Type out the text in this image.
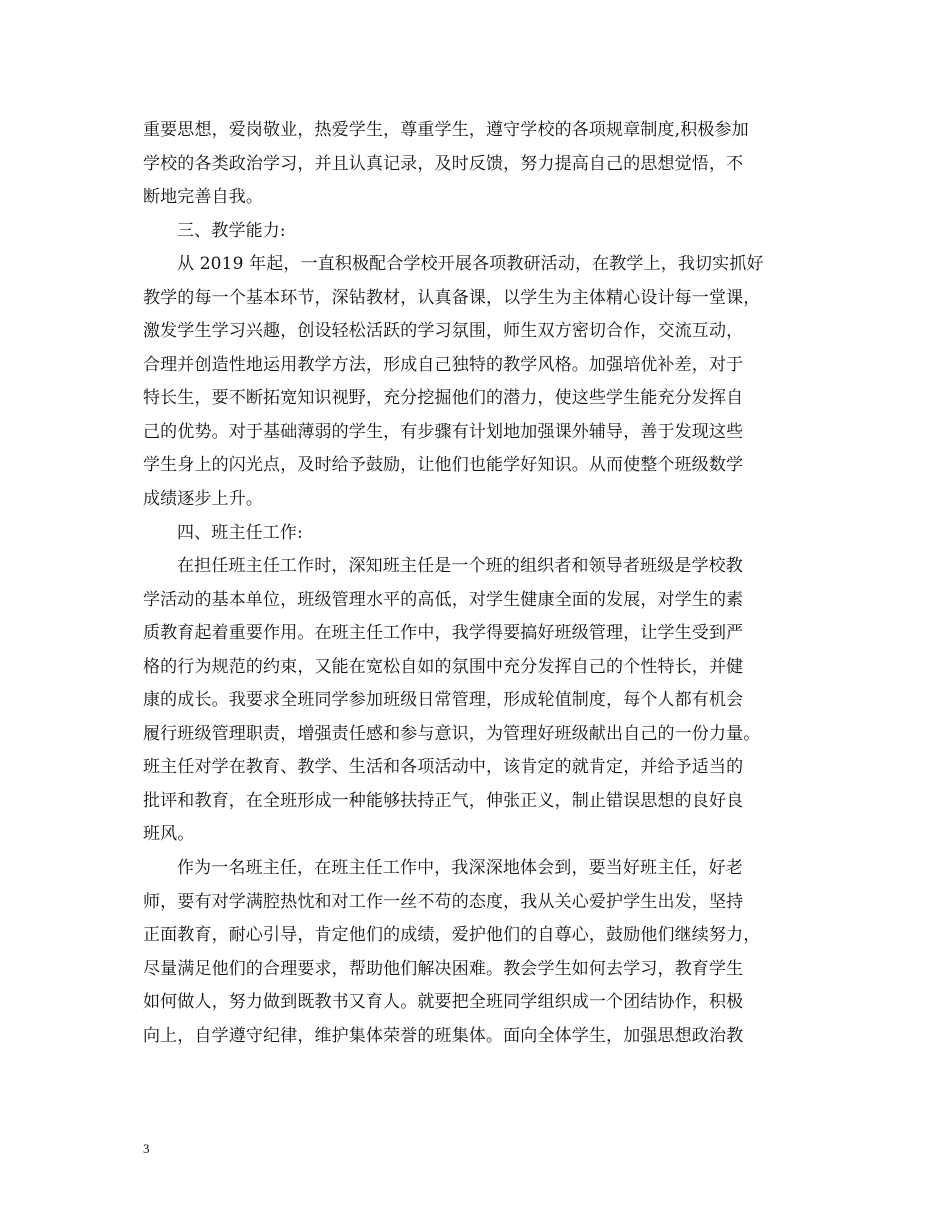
重要思想，爱岗敬业，热爱学生，尊重学生，遵守学校的各项规章制度,积极参加
学校的各类政治学习，并且认真记录，及时反馈，努力提高自己的思想觉悟，不
断地完善自我。
三、教学能力:
从 2019 年起，一直积极配合学校开展各项教研活动，在教学上，我切实抓好
教学的每一个基本环节，深钻教材，认真备课，以学生为主体精心设计每一堂课，
激发学生学习兴趣，创设轻松活跃的学习氛围，师生双方密切合作，交流互动，
合理并创造性地运用教学方法，形成自己独特的教学风格。加强培优补差，对于
特长生，要不断拓宽知识视野，充分挖掘他们的潜力，使这些学生能充分发挥自
己的优势。对于基础薄弱的学生，有步骤有计划地加强课外辅导，善于发现这些
学生身上的闪光点，及时给予鼓励，让他们也能学好知识。从而使整个班级数学
成绩逐步上升。
四、班主任工作:
在担任班主任工作时，深知班主任是一个班的组织者和领导者班级是学校教
学活动的基本单位，班级管理水平的高低，对学生健康全面的发展，对学生的素
质教育起着重要作用。在班主任工作中，我学得要搞好班级管理，让学生受到严
格的行为规范的约束，又能在宽松自如的氛围中充分发挥自己的个性特长，并健
康的成长。我要求全班同学参加班级日常管理，形成轮值制度，每个人都有机会
履行班级管理职责，增强责任感和参与意识，为管理好班级献出自己的一份力量。
班主任对学在教育、教学、生活和各项活动中，该肯定的就肯定，并给予适当的
批评和教育，在全班形成一种能够扶持正气，伸张正义，制止错误思想的良好良
班风。
作为一名班主任，在班主任工作中，我深深地体会到，要当好班主任，好老
师，要有对学满腔热忱和对工作一丝不苟的态度，我从关心爱护学生出发，坚持
正面教育，耐心引导，肯定他们的成绩，爱护他们的自尊心，鼓励他们继续努力，
尽量满足他们的合理要求，帮助他们解决困难。教会学生如何去学习，教育学生
如何做人，努力做到既教书又育人。就要把全班同学组织成一个团结协作，积极
向上，自学遵守纪律，维护集体荣誉的班集体。面向全体学生，加强思想政治教
3
